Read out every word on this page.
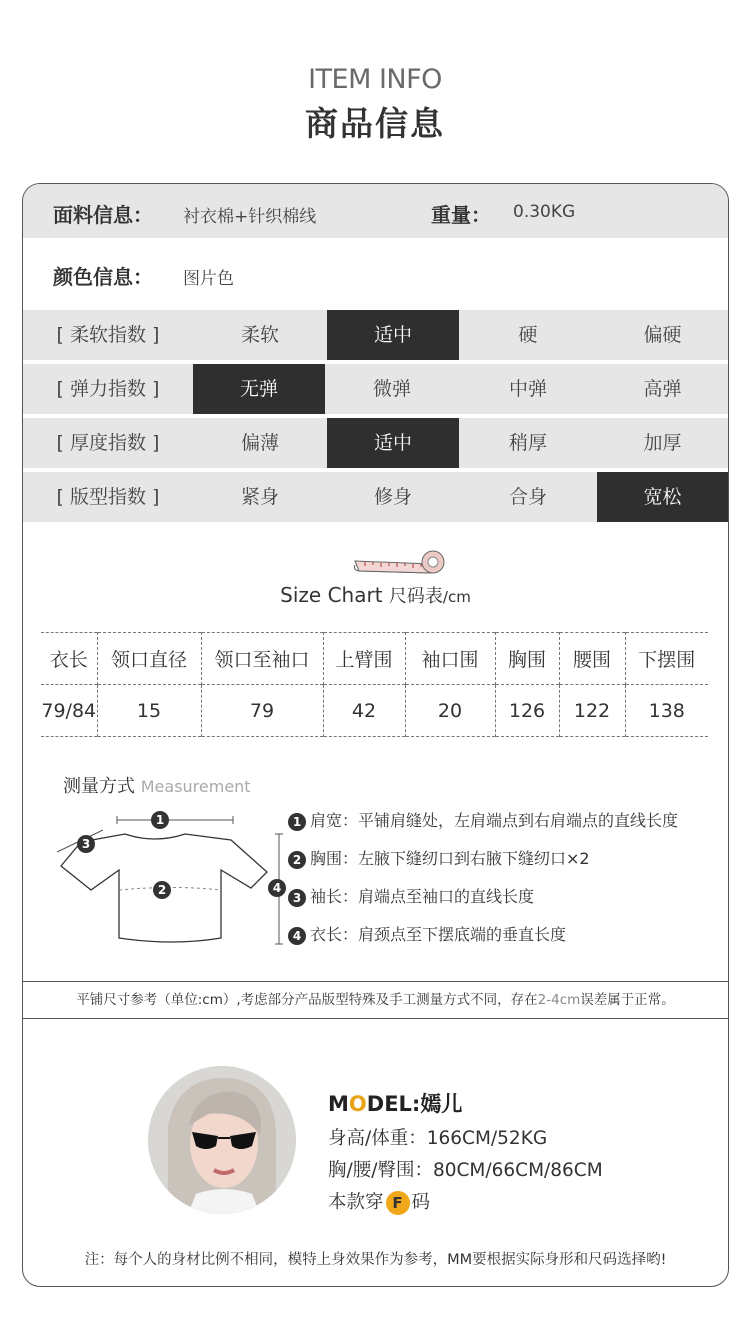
ITEM INFO
商品信息
面料信息： 衬衣棉+针织棉线	重量： 0.30KG
颜色信息： 图片色
[ 柔软指数 ]	柔软	适中	硬	偏硬
[ 弹力指数 ]	无弹	微弹	中弹	高弹
[ 厚度指数 ]	偏薄	适中	稍厚	加厚
[ 版型指数 ]	紧身	修身	合身	宽松
Size Chart 尺码表/cm
衣长	领口直径	领口至袖口	上臂围	袖口围	胸围	腰围	下摆围
79/84	15	79	42	20	126	122	138
测量方式 Measurement
1
2
3
4
1 肩宽：平铺肩缝处，左肩端点到右肩端点的直线长度
2 胸围：左腋下缝纫口到右腋下缝纫口×2
3 袖长：肩端点至袖口的直线长度
4 衣长：肩颈点至下摆底端的垂直长度
平铺尺寸参考（单位:cm）,考虑部分产品版型特殊及手工测量方式不同，存在2-4cm误差属于正常。
MODEL:嫣儿
身高/体重：166CM/52KG
胸/腰/臀围：80CM/66CM/86CM
本款穿 F 码
注：每个人的身材比例不相同，模特上身效果作为参考，MM要根据实际身形和尺码选择哟!
